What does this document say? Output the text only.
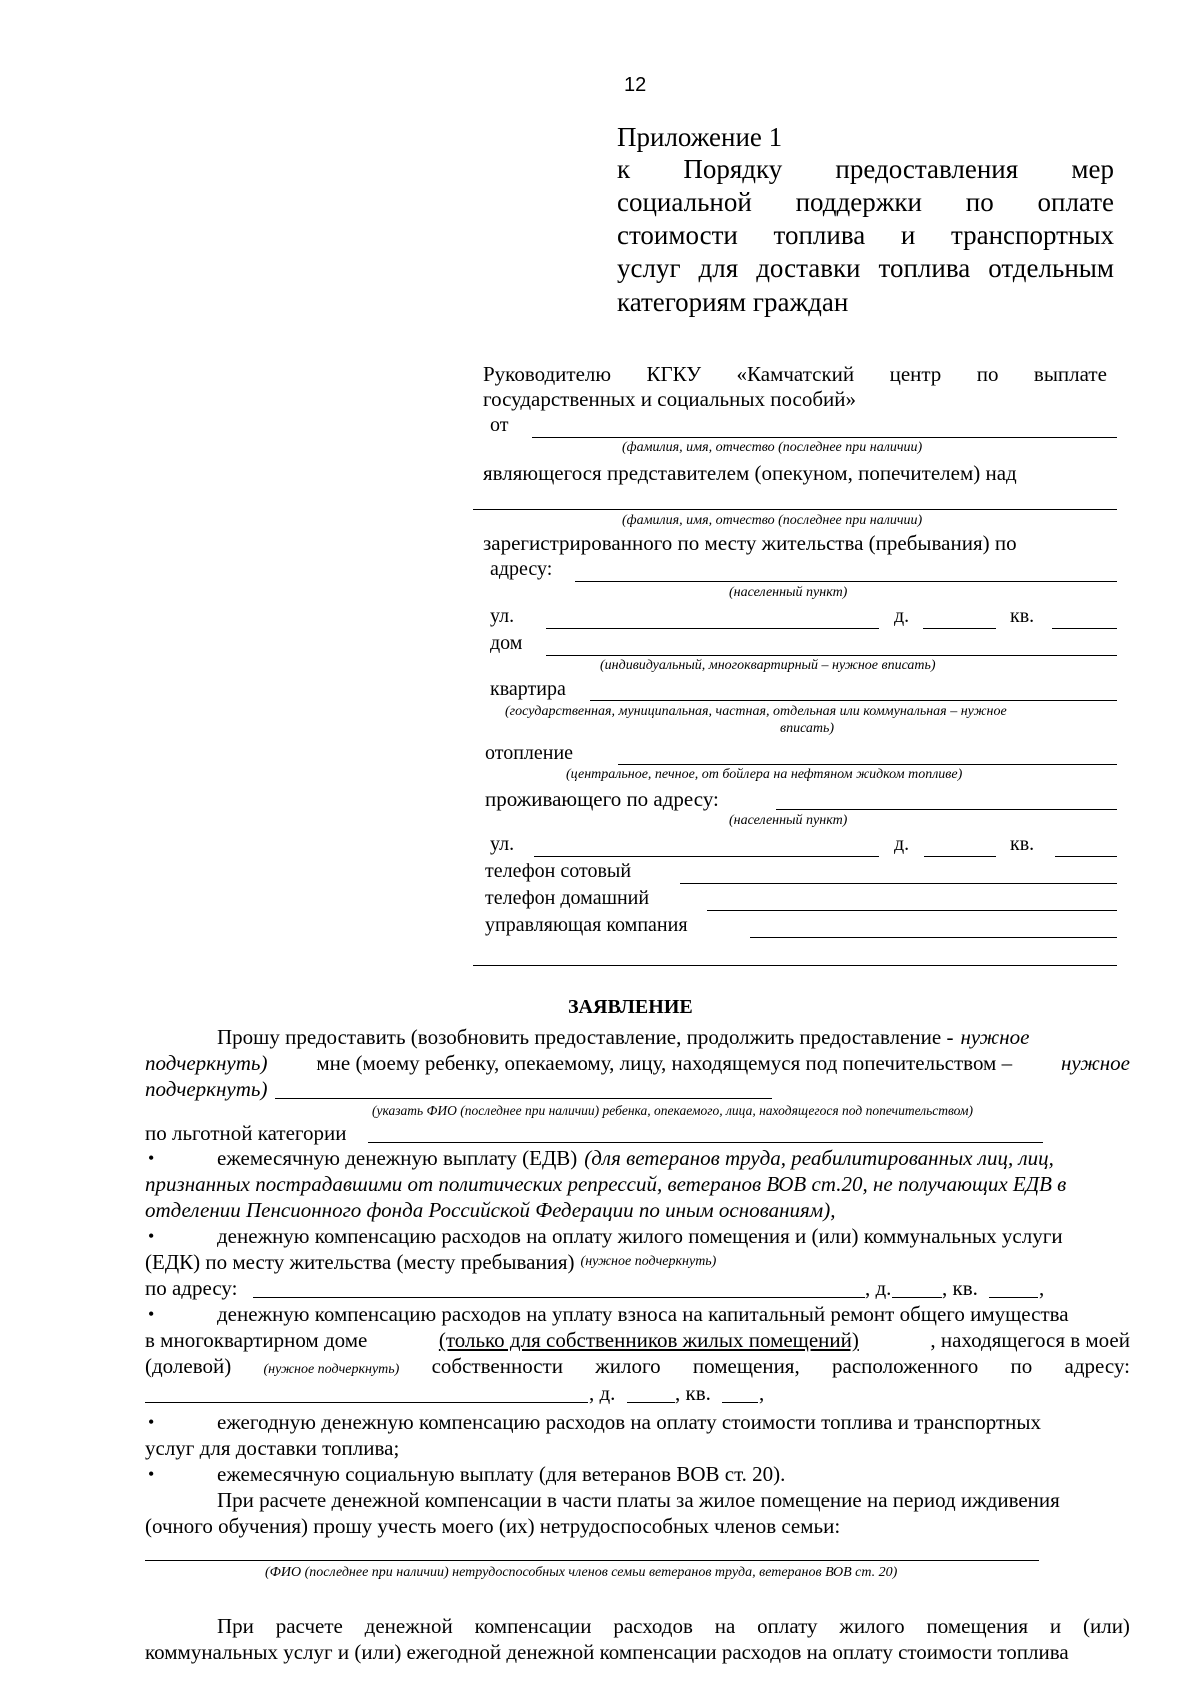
12
Приложение 1
к Порядку предоставления мер
социальной поддержки по оплате
стоимости топлива и транспортных
услуг для доставки топлива отдельным
категориям граждан
Руководителю КГКУ «Камчатский центр по выплате
государственных и социальных пособий»
от
(фамилия, имя, отчество (последнее при наличии)
являющегося представителем (опекуном, попечителем) над
(фамилия, имя, отчество (последнее при наличии)
зарегистрированного по месту жительства (пребывания) по
адресу:
(населенный пункт)
ул.	д.	кв.
дом
(индивидуальный, многоквартирный – нужное вписать)
квартира
(государственная, муниципальная, частная, отдельная или коммунальная – нужное
вписать)
отопление
(центральное, печное, от бойлера на нефтяном жидком топливе)
проживающего по адресу:
(населенный пункт)
ул.	д.	кв.
телефон сотовый
телефон домашний
управляющая компания
ЗАЯВЛЕНИЕ
Прошу предоставить (возобновить предоставление, продолжить предоставление - нужное
подчеркнуть) мне (моему ребенку, опекаемому, лицу, находящемуся под попечительством – нужное
подчеркнуть)
(указать ФИО (последнее при наличии) ребенка, опекаемого, лица, находящегося под попечительством)
по льготной категории
•	ежемесячную денежную выплату (ЕДВ) (для ветеранов труда, реабилитированных лиц, лиц,
признанных пострадавшими от политических репрессий, ветеранов ВОВ ст.20, не получающих ЕДВ в
отделении Пенсионного фонда Российской Федерации по иным основаниям),
•	денежную компенсацию расходов на оплату жилого помещения и (или) коммунальных услуги
(ЕДК) по месту жительства (месту пребывания) (нужное подчеркнуть)
по адресу:	, д. , кв.	,
•	денежную компенсацию расходов на уплату взноса на капитальный ремонт общего имущества
в многоквартирном доме	(только для собственников жилых помещений)	, находящегося в моей
(долевой) (нужное подчеркнуть) собственности жилого помещения, расположенного по адресу:
, д.	, кв. ,
•	ежегодную денежную компенсацию расходов на оплату стоимости топлива и транспортных
услуг для доставки топлива;
•	ежемесячную социальную выплату (для ветеранов ВОВ ст. 20).
При расчете денежной компенсации в части платы за жилое помещение на период иждивения
(очного обучения) прошу учесть моего (их) нетрудоспособных членов семьи:
(ФИО (последнее при наличии) нетрудоспособных членов семьи ветеранов труда, ветеранов ВОВ ст. 20)
При расчете денежной компенсации расходов на оплату жилого помещения и (или)
коммунальных услуг и (или) ежегодной денежной компенсации расходов на оплату стоимости топлива
